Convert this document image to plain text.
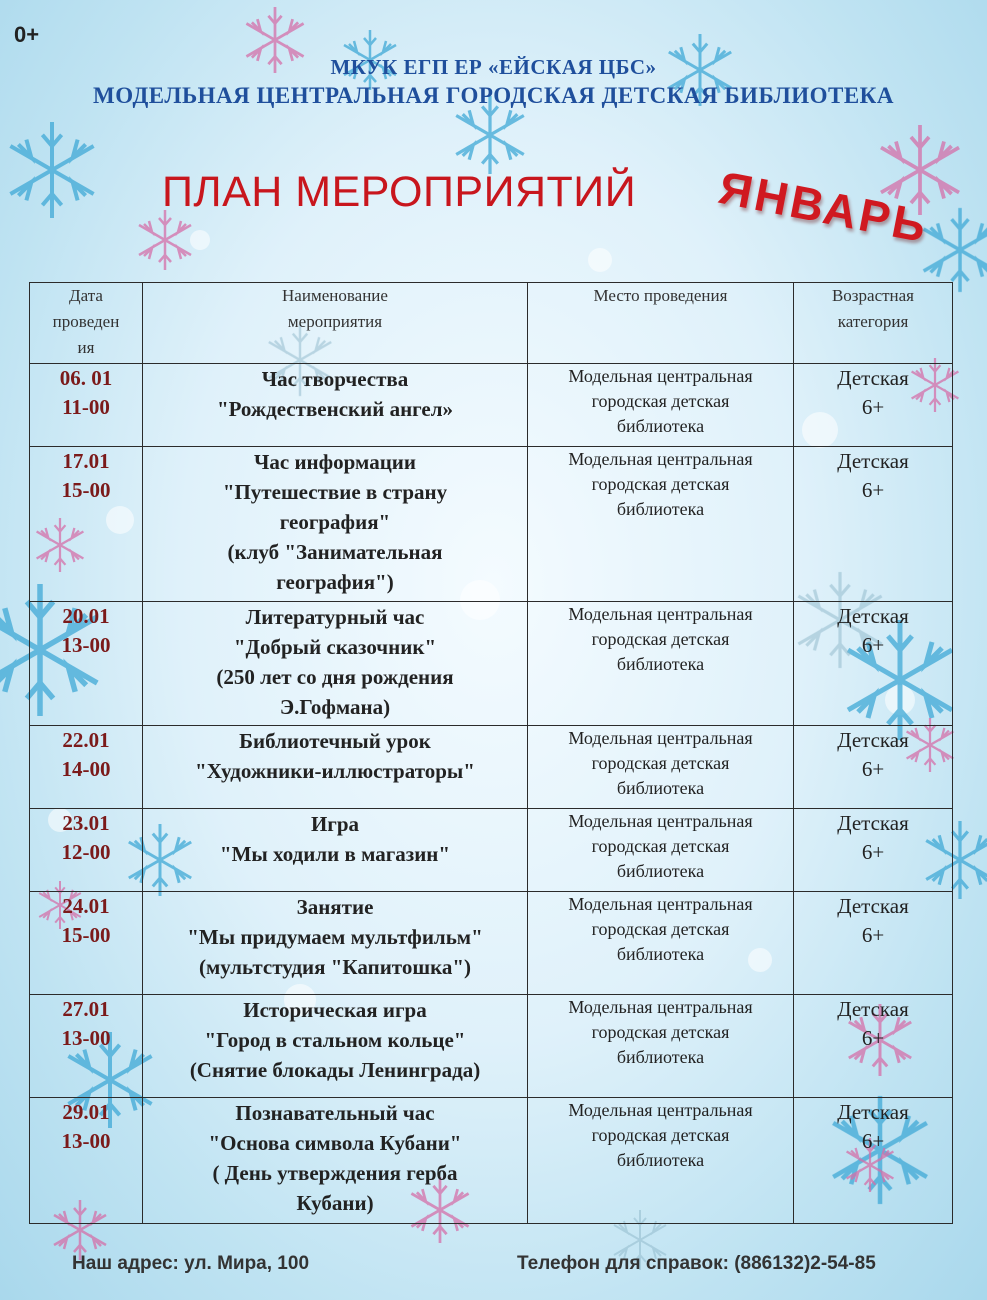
0+
МКУК ЕГП ЕР «ЕЙСКАЯ ЦБС»
МОДЕЛЬНАЯ ЦЕНТРАЛЬНАЯ ГОРОДСКАЯ ДЕТСКАЯ БИБЛИОТЕКА
ПЛАН МЕРОПРИЯТИЙ ЯНВАРЬ
Дата
проведен
ия	Наименование
мероприятия	Место проведения	Возрастная
категория

06. 01
11-00	Час творчества
"Рождественский ангел»	Модельная центральная
городская детская
библиотека	Детская
6+

17.01
15-00	Час информации
"Путешествие в страну
география"
(клуб "Занимательная
география")	Модельная центральная
городская детская
библиотека	Детская
6+

20.01
13-00	Литературный час
"Добрый сказочник"
(250 лет со дня рождения
Э.Гофмана)	Модельная центральная
городская детская
библиотека	Детская
6+

22.01
14-00	Библиотечный урок
"Художники-иллюстраторы"	Модельная центральная
городская детская
библиотека	Детская
6+

23.01
12-00	Игра
"Мы ходили в магазин"	Модельная центральная
городская детская
библиотека	Детская
6+

24.01
15-00	Занятие
"Мы придумаем мультфильм"
(мультстудия "Капитошка")	Модельная центральная
городская детская
библиотека	Детская
6+

27.01
13-00	Историческая игра
"Город в стальном кольце"
(Снятие блокады Ленинграда)	Модельная центральная
городская детская
библиотека	Детская
6+

29.01
13-00	Познавательный час
"Основа символа Кубани"
( День утверждения герба
Кубани)	Модельная центральная
городская детская
библиотека	Детская
6+
Наш адрес: ул. Мира, 100	Телефон для справок: (886132)2-54-85
